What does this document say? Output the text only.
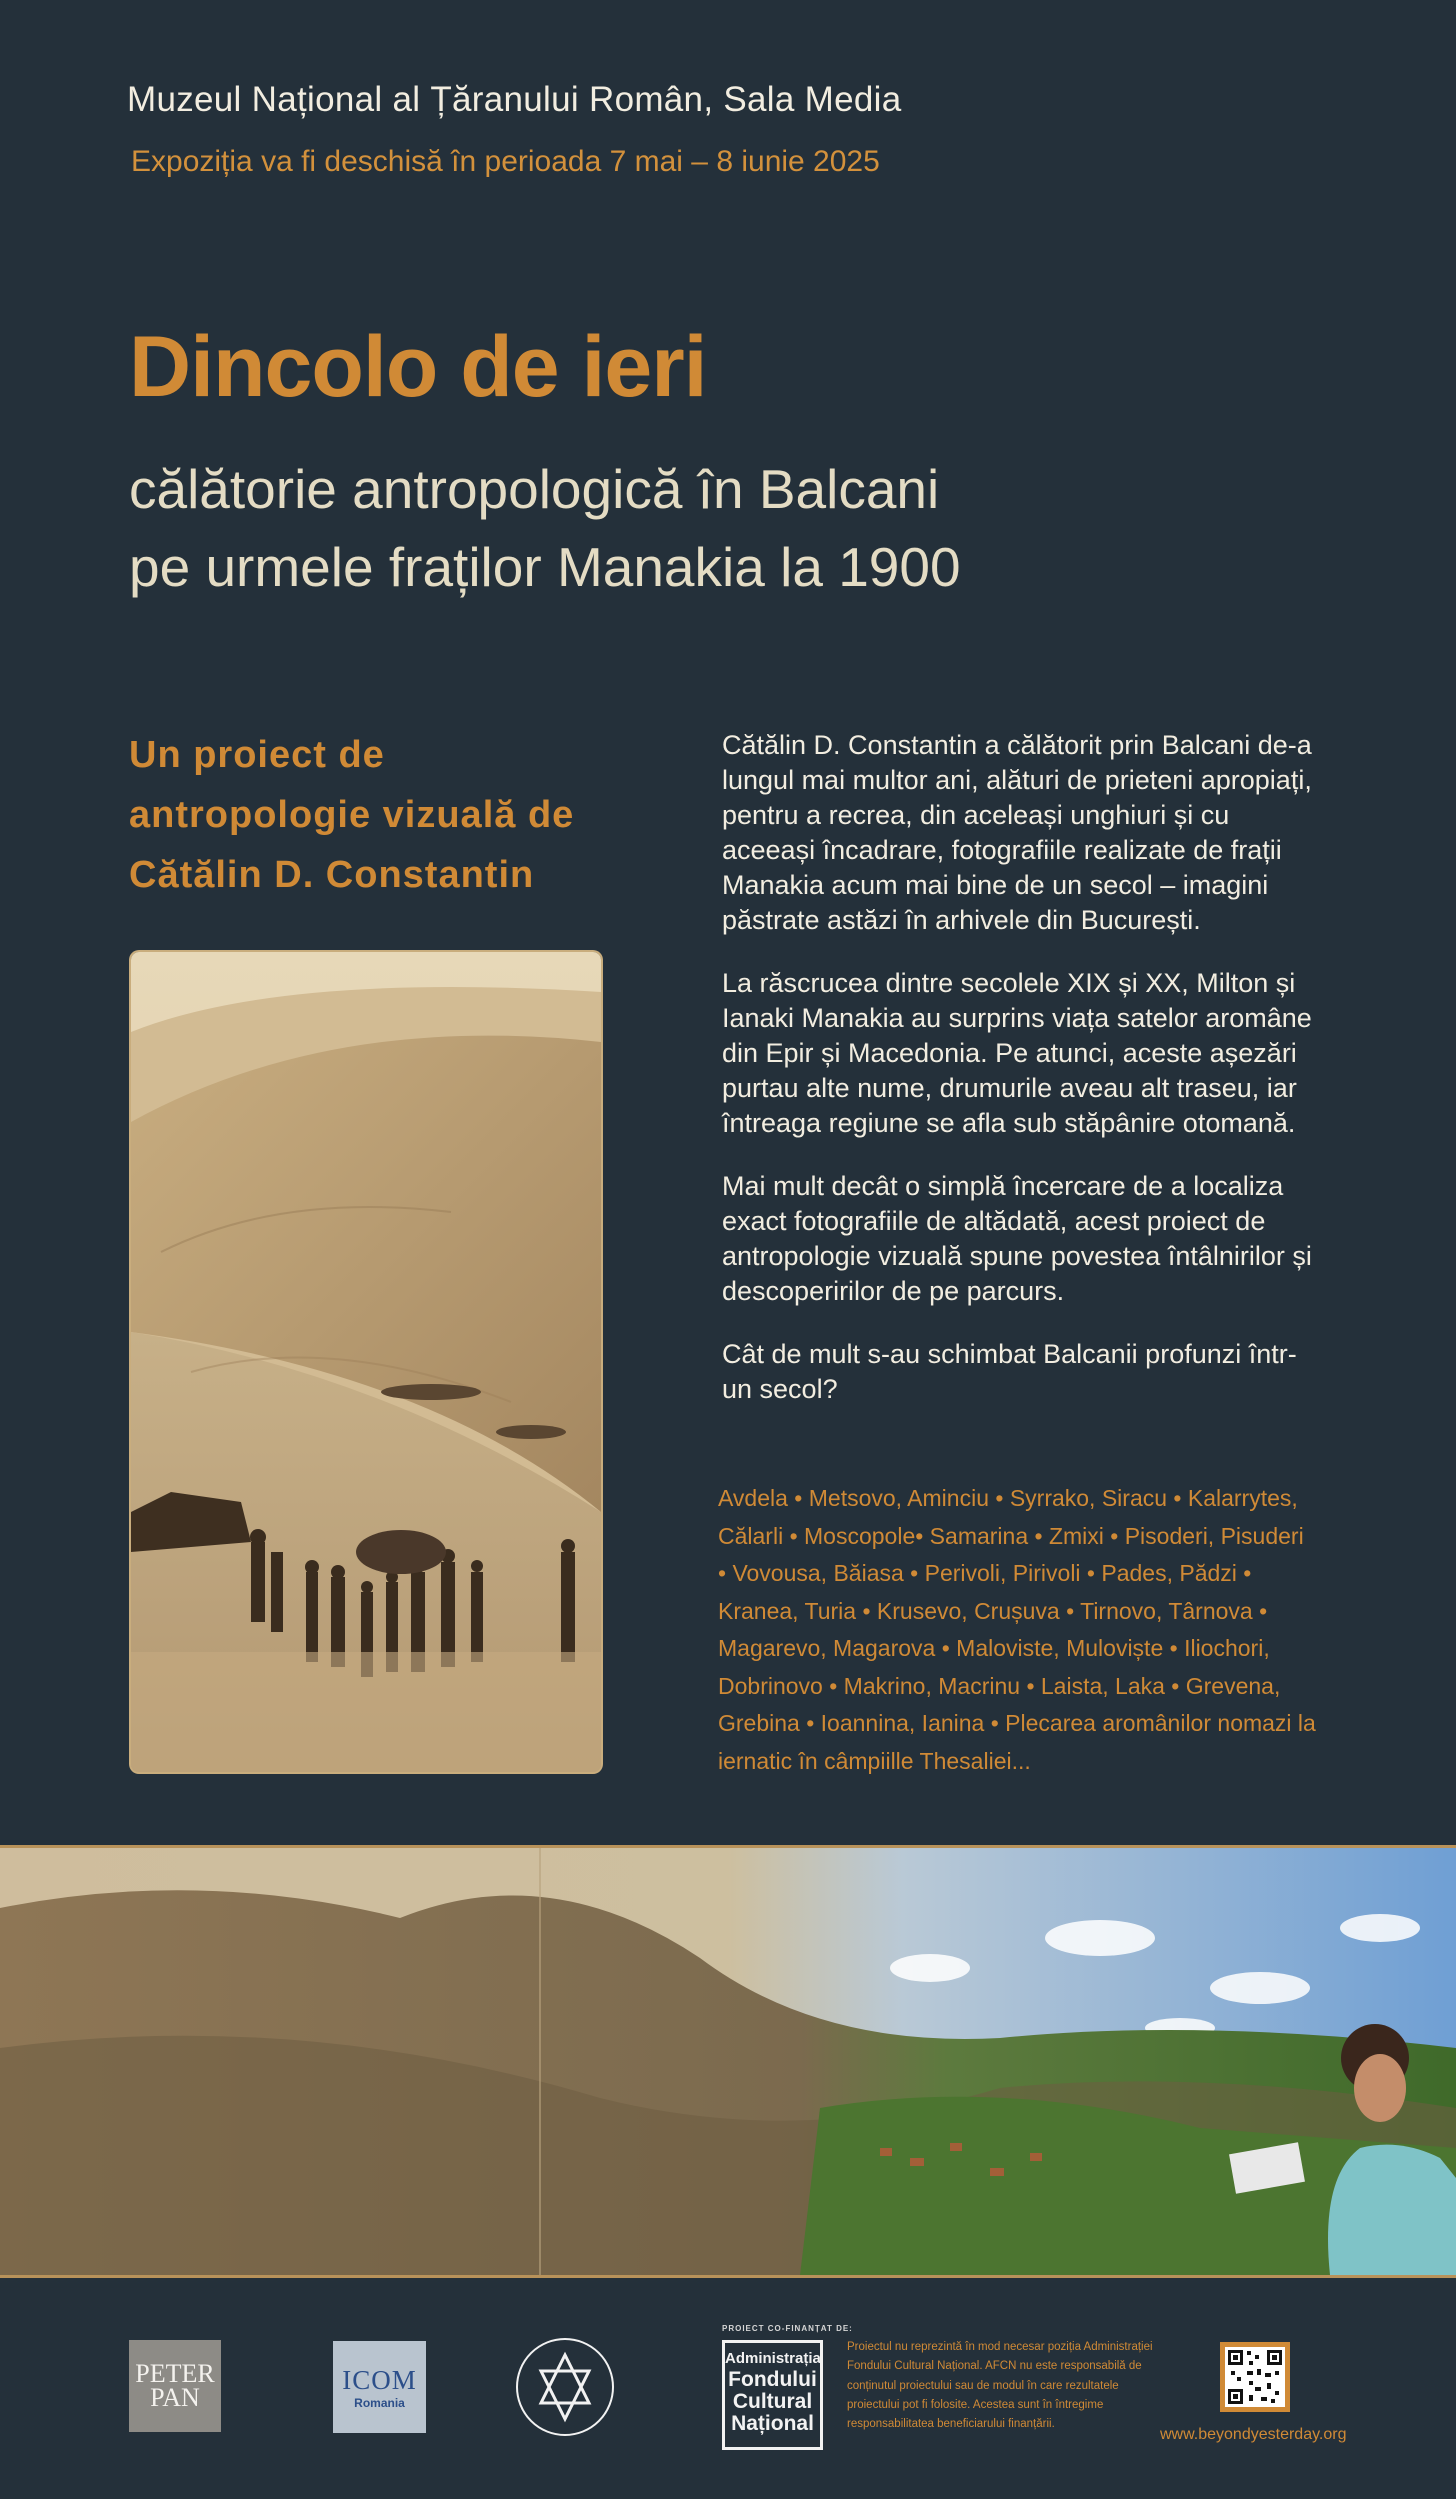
Muzeul Național al Țăranului Român, Sala Media
Expoziția va fi deschisă în perioada 7 mai – 8 iunie 2025
Dincolo de ieri
călătorie antropologică în Balcani
pe urmele fraților Manakia la 1900
Un proiect de
antropologie vizuală de
Cătălin D. Constantin

Cătălin D. Constantin a călătorit prin Balcani de-a lungul mai multor ani, alături de prieteni apropiați, pentru a recrea, din aceleași unghiuri și cu aceeași încadrare, fotografiile realizate de frații Manakia acum mai bine de un secol – imagini păstrate astăzi în arhivele din București.

La răscrucea dintre secolele XIX și XX, Milton și Ianaki Manakia au surprins viața satelor aromâne din Epir și Macedonia. Pe atunci, aceste așezări purtau alte nume, drumurile aveau alt traseu, iar întreaga regiune se afla sub stăpânire otomană.

Mai mult decât o simplă încercare de a localiza exact fotografiile de altădată, acest proiect de antropologie vizuală spune povestea întâlnirilor și descoperirilor de pe parcurs.

Cât de mult s-au schimbat Balcanii profunzi într-un secol?

Avdela • Metsovo, Aminciu • Syrrako, Siracu • Kalarrytes, Călarli • Moscopole• Samarina • Zmixi • Pisoderi, Pisuderi • Vovousa, Băiasa • Perivoli, Pirivoli • Pades, Pădzi • Kranea, Turia • Krusevo, Crușuva • Tirnovo, Târnova • Magarevo, Magarova • Maloviste, Muloviște • Iliochori, Dobrinovo • Makrino, Macrinu • Laista, Laka • Grevena, Grebina • Ioannina, Ianina • Plecarea aromânilor nomazi la iernatic în câmpiille Thesaliei...
PETER
PAN
ICOM
Romania
PROIECT CO-FINANȚAT DE:
Administrația
Fondului
Cultural
Național
Proiectul nu reprezintă în mod necesar poziția Administrației Fondului Cultural Național. AFCN nu este responsabilă de conținutul proiectului sau de modul în care rezultatele proiectului pot fi folosite. Acestea sunt în întregime responsabilitatea beneficiarului finanțării.
www.beyondyesterday.org
